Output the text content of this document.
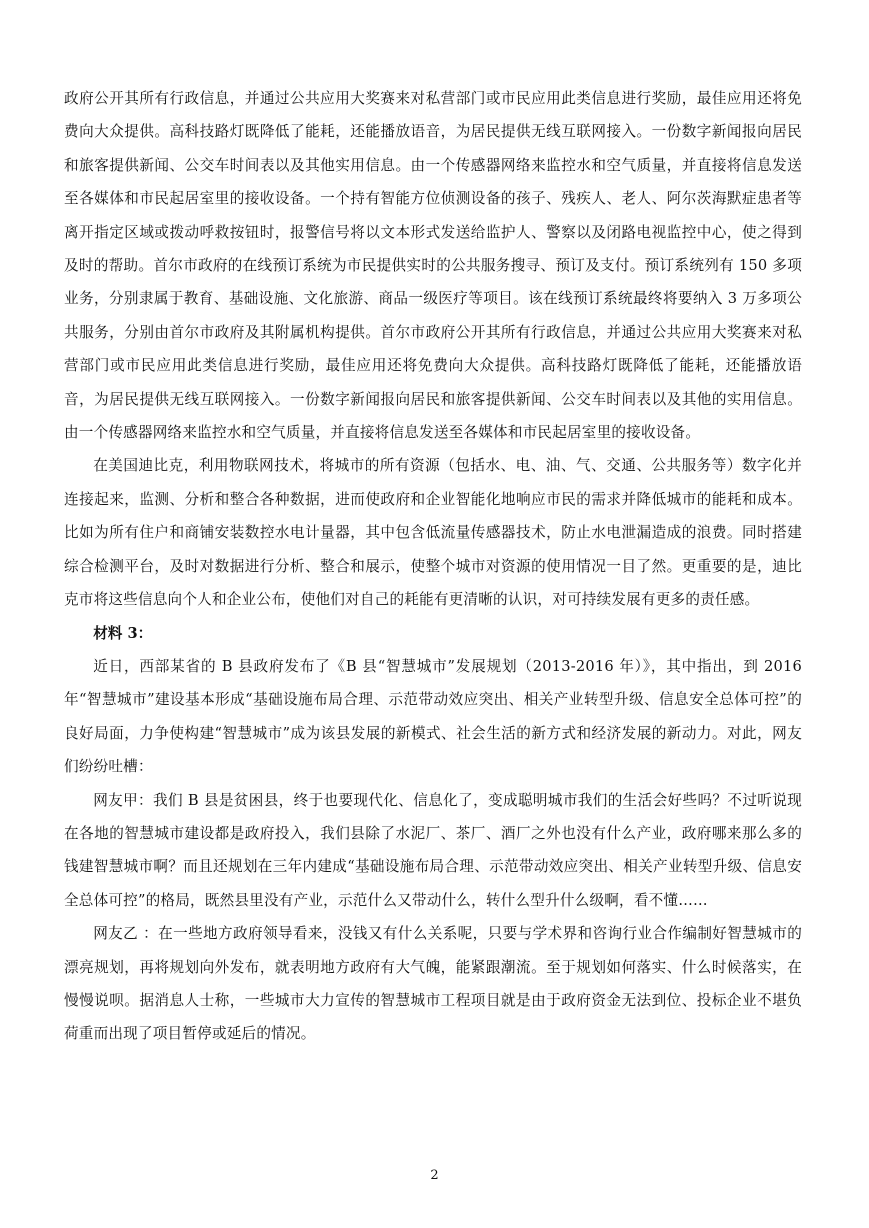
政府公开其所有行政信息，并通过公共应用大奖赛来对私营部门或市民应用此类信息进行奖励，最佳应用还将免费向大众提供。高科技路灯既降低了能耗，还能播放语音，为居民提供无线互联网接入。一份数字新闻报向居民和旅客提供新闻、公交车时间表以及其他实用信息。由一个传感器网络来监控水和空气质量，并直接将信息发送至各媒体和市民起居室里的接收设备。一个持有智能方位侦测设备的孩子、残疾人、老人、阿尔茨海默症患者等离开指定区域或拨动呼救按钮时，报警信号将以文本形式发送给监护人、警察以及闭路电视监控中心，使之得到及时的帮助。首尔市政府的在线预订系统为市民提供实时的公共服务搜寻、预订及支付。预订系统列有 150 多项业务，分别隶属于教育、基础设施、文化旅游、商品一级医疗等项目。该在线预订系统最终将要纳入 3 万多项公共服务，分别由首尔市政府及其附属机构提供。首尔市政府公开其所有行政信息，并通过公共应用大奖赛来对私营部门或市民应用此类信息进行奖励，最佳应用还将免费向大众提供。高科技路灯既降低了能耗，还能播放语音，为居民提供无线互联网接入。一份数字新闻报向居民和旅客提供新闻、公交车时间表以及其他的实用信息。由一个传感器网络来监控水和空气质量，并直接将信息发送至各媒体和市民起居室里的接收设备。

在美国迪比克，利用物联网技术，将城市的所有资源（包括水、电、油、气、交通、公共服务等）数字化并连接起来，监测、分析和整合各种数据，进而使政府和企业智能化地响应市民的需求并降低城市的能耗和成本。比如为所有住户和商铺安装数控水电计量器，其中包含低流量传感器技术，防止水电泄漏造成的浪费。同时搭建综合检测平台，及时对数据进行分析、整合和展示，使整个城市对资源的使用情况一目了然。更重要的是，迪比克市将这些信息向个人和企业公布，使他们对自己的耗能有更清晰的认识，对可持续发展有更多的责任感。

材料 3：

近日，西部某省的 B 县政府发布了《B 县“智慧城市”发展规划（2013-2016 年）》，其中指出，到 2016 年“智慧城市”建设基本形成“基础设施布局合理、示范带动效应突出、相关产业转型升级、信息安全总体可控”的良好局面，力争使构建“智慧城市”成为该县发展的新模式、社会生活的新方式和经济发展的新动力。对此，网友们纷纷吐槽：

网友甲：我们 B 县是贫困县，终于也要现代化、信息化了，变成聪明城市我们的生活会好些吗？不过听说现在各地的智慧城市建设都是政府投入，我们县除了水泥厂、茶厂、酒厂之外也没有什么产业，政府哪来那么多的钱建智慧城市啊？而且还规划在三年内建成“基础设施布局合理、示范带动效应突出、相关产业转型升级、信息安全总体可控”的格局，既然县里没有产业，示范什么又带动什么，转什么型升什么级啊，看不懂……

网友乙 ：在一些地方政府领导看来，没钱又有什么关系呢，只要与学术界和咨询行业合作编制好智慧城市的漂亮规划，再将规划向外发布，就表明地方政府有大气魄，能紧跟潮流。至于规划如何落实、什么时候落实，在慢慢说呗。据消息人士称，一些城市大力宣传的智慧城市工程项目就是由于政府资金无法到位、投标企业不堪负荷重而出现了项目暂停或延后的情况。

2
